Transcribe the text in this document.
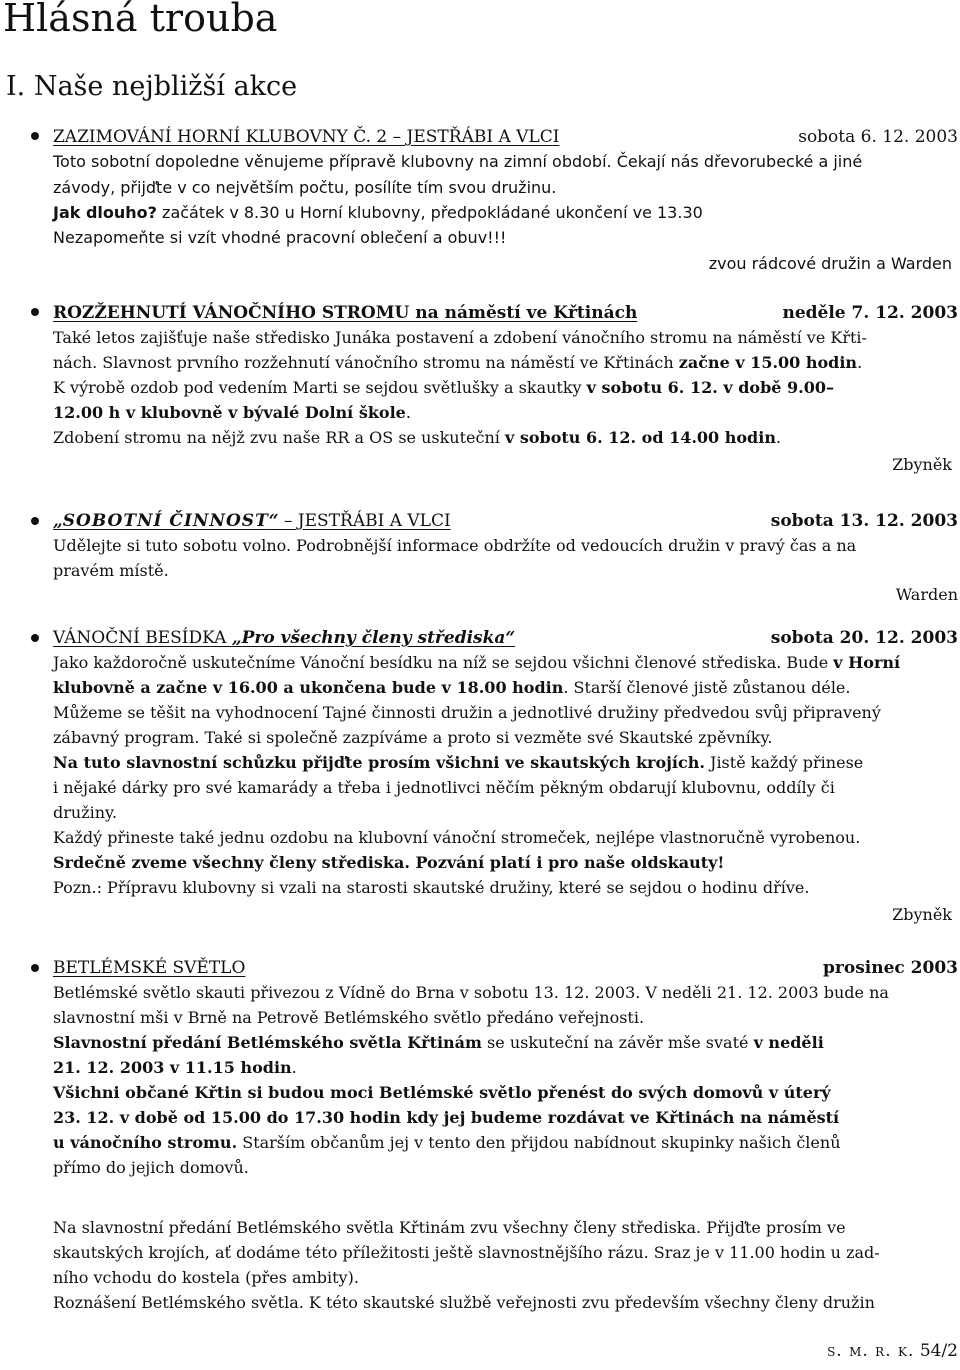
Hlásná trouba
I. Naše nejbližší akce
ZAZIMOVÁNÍ HORNÍ KLUBOVNY Č. 2 – JESTŘÁBI A VLCI	sobota 6. 12. 2003
Toto sobotní dopoledne věnujeme přípravě klubovny na zimní období. Čekají nás dřevorubecké a jiné
závody, přijďte v co největším počtu, posílíte tím svou družinu.
Jak dlouho? začátek v 8.30 u Horní klubovny, předpokládané ukončení ve 13.30
Nezapomeňte si vzít vhodné pracovní oblečení a obuv!!!
zvou rádcové družin a Warden
ROZŽEHNUTÍ VÁNOČNÍHO STROMU na náměstí ve Křtinách	neděle 7. 12. 2003
Také letos zajišťuje naše středisko Junáka postavení a zdobení vánočního stromu na náměstí ve Křti-
nách. Slavnost prvního rozžehnutí vánočního stromu na náměstí ve Křtinách začne v 15.00 hodin.
K výrobě ozdob pod vedením Marti se sejdou světlušky a skautky v sobotu 6. 12. v době 9.00–
12.00 h v klubovně v bývalé Dolní škole.
Zdobení stromu na nějž zvu naše RR a OS se uskuteční v sobotu 6. 12. od 14.00 hodin.
Zbyněk
„SOBOTNÍ ČINNOST“ – JESTŘÁBI A VLCI	sobota 13. 12. 2003
Udělejte si tuto sobotu volno. Podrobnější informace obdržíte od vedoucích družin v pravý čas a na
pravém místě.
Warden
VÁNOČNÍ BESÍDKA „Pro všechny členy střediska“	sobota 20. 12. 2003
Jako každoročně uskutečníme Vánoční besídku na níž se sejdou všichni členové střediska. Bude v Horní
klubovně a začne v 16.00 a ukončena bude v 18.00 hodin. Starší členové jistě zůstanou déle.
Můžeme se těšit na vyhodnocení Tajné činnosti družin a jednotlivé družiny předvedou svůj připravený
zábavný program. Také si společně zazpíváme a proto si vezměte své Skautské zpěvníky.
Na tuto slavnostní schůzku přijďte prosím všichni ve skautských krojích. Jistě každý přinese
i nějaké dárky pro své kamarády a třeba i jednotlivci něčím pěkným obdarují klubovnu, oddíly či
družiny.
Každý přineste také jednu ozdobu na klubovní vánoční stromeček, nejlépe vlastnoručně vyrobenou.
Srdečně zveme všechny členy střediska. Pozvání platí i pro naše oldskauty!
Pozn.: Přípravu klubovny si vzali na starosti skautské družiny, které se sejdou o hodinu dříve.
Zbyněk
BETLÉMSKÉ SVĚTLO	prosinec 2003
Betlémské světlo skauti přivezou z Vídně do Brna v sobotu 13. 12. 2003. V neděli 21. 12. 2003 bude na
slavnostní mši v Brně na Petrově Betlémského světlo předáno veřejnosti.
Slavnostní předání Betlémského světla Křtinám se uskuteční na závěr mše svaté v neděli
21. 12. 2003 v 11.15 hodin.
Všichni občané Křtin si budou moci Betlémské světlo přenést do svých domovů v úterý
23. 12. v době od 15.00 do 17.30 hodin kdy jej budeme rozdávat ve Křtinách na náměstí
u vánočního stromu. Starším občanům jej v tento den přijdou nabídnout skupinky našich členů
přímo do jejich domovů.
Na slavnostní předání Betlémského světla Křtinám zvu všechny členy střediska. Přijďte prosím ve
skautských krojích, ať dodáme této příležitosti ještě slavnostnějšího rázu. Sraz je v 11.00 hodin u zad-
ního vchodu do kostela (přes ambity).
Roznášení Betlémského světla. K této skautské službě veřejnosti zvu především všechny členy družin
s. m. r. k. 54/2
